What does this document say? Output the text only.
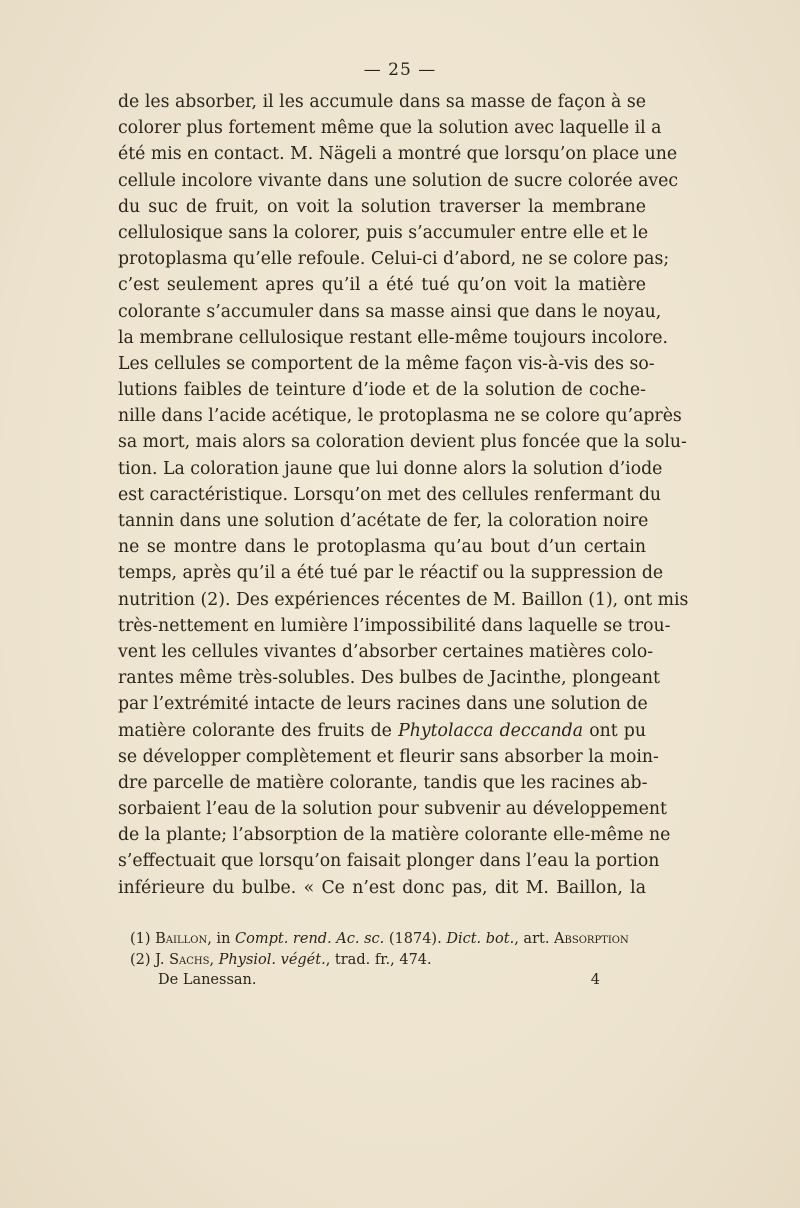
— 25 —
de les absorber, il les accumule dans sa masse de façon à se
colorer plus fortement même que la solution avec laquelle il a
été mis en contact. M. Nägeli a montré que lorsqu’on place une
cellule incolore vivante dans une solution de sucre colorée avec
du suc de fruit, on voit la solution traverser la membrane
cellulosique sans la colorer, puis s’accumuler entre elle et le
protoplasma qu’elle refoule. Celui-ci d’abord, ne se colore pas;
c’est seulement apres qu’il a été tué qu’on voit la matière
colorante s’accumuler dans sa masse ainsi que dans le noyau,
la membrane cellulosique restant elle-même toujours incolore.
Les cellules se comportent de la même façon vis-à-vis des so-
lutions faibles de teinture d’iode et de la solution de coche-
nille dans l’acide acétique, le protoplasma ne se colore qu’après
sa mort, mais alors sa coloration devient plus foncée que la solu-
tion. La coloration jaune que lui donne alors la solution d’iode
est caractéristique. Lorsqu’on met des cellules renfermant du
tannin dans une solution d’acétate de fer, la coloration noire
ne se montre dans le protoplasma qu’au bout d’un certain
temps, après qu’il a été tué par le réactif ou la suppression de
nutrition (2). Des expériences récentes de M. Baillon (1), ont mis
très-nettement en lumière l’impossibilité dans laquelle se trou-
vent les cellules vivantes d’absorber certaines matières colo-
rantes même très-solubles. Des bulbes de Jacinthe, plongeant
par l’extrémité intacte de leurs racines dans une solution de
matière colorante des fruits de Phytolacca deccanda ont pu
se développer complètement et fleurir sans absorber la moin-
dre parcelle de matière colorante, tandis que les racines ab-
sorbaient l’eau de la solution pour subvenir au développement
de la plante; l’absorption de la matière colorante elle-même ne
s’effectuait que lorsqu’on faisait plonger dans l’eau la portion
inférieure du bulbe. « Ce n’est donc pas, dit M. Baillon, la
(1) Baillon, in Compt. rend. Ac. sc. (1874). Dict. bot., art. Absorption
(2) J. Sachs, Physiol. végét., trad. fr., 474.
De Lanessan.	4
